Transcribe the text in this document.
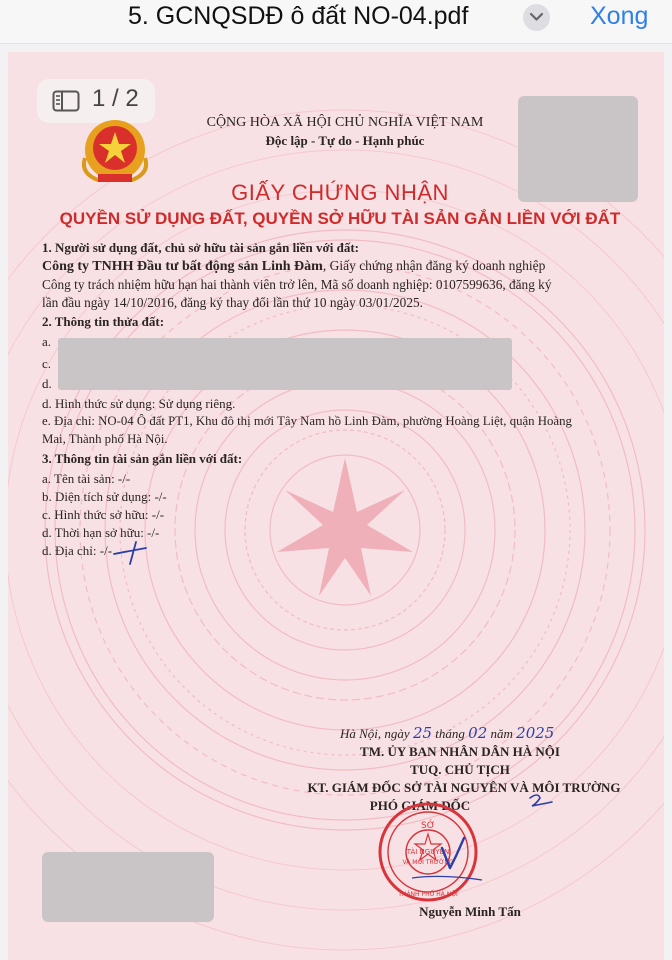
5. GCNQSDĐ ô đất NO-04.pdf	Xong
1 / 2
CỘNG HÒA XÃ HỘI CHỦ NGHĨA VIỆT NAM
Độc lập - Tự do - Hạnh phúc
GIẤY CHỨNG NHẬN
QUYỀN SỬ DỤNG ĐẤT, QUYỀN SỞ HỮU TÀI SẢN GẮN LIỀN VỚI ĐẤT
1. Người sử dụng đất, chủ sở hữu tài sản gắn liền với đất:
Công ty TNHH Đầu tư bất động sản Linh Đàm, Giấy chứng nhận đăng ký doanh nghiệp
Công ty trách nhiệm hữu hạn hai thành viên trở lên, Mã số doanh nghiệp: 0107599636, đăng ký
lần đầu ngày 14/10/2016, đăng ký thay đổi lần thứ 10 ngày 03/01/2025.
2. Thông tin thửa đất:
a.
c.
d.
d. Hình thức sử dụng: Sử dụng riêng.
e. Địa chỉ: NO-04 Ô đất PT1, Khu đô thị mới Tây Nam hồ Linh Đàm, phường Hoàng Liệt, quận Hoàng
Mai, Thành phố Hà Nội.
3. Thông tin tài sản gắn liền với đất:
a. Tên tài sản: -/-
b. Diện tích sử dụng: -/-
c. Hình thức sở hữu: -/-
d. Thời hạn sở hữu: -/-
d. Địa chỉ: -/-
Hà Nội, ngày 25 tháng 02 năm 2025
TM. ỦY BAN NHÂN DÂN HÀ NỘI
TUQ. CHỦ TỊCH
KT. GIÁM ĐỐC SỞ TÀI NGUYÊN VÀ MÔI TRƯỜNG
PHÓ GIÁM ĐỐC
SỞ
TÀI NGUYÊN
VÀ MÔI TRƯỜNG
THÀNH PHỐ HÀ NỘI
Nguyễn Minh Tấn
